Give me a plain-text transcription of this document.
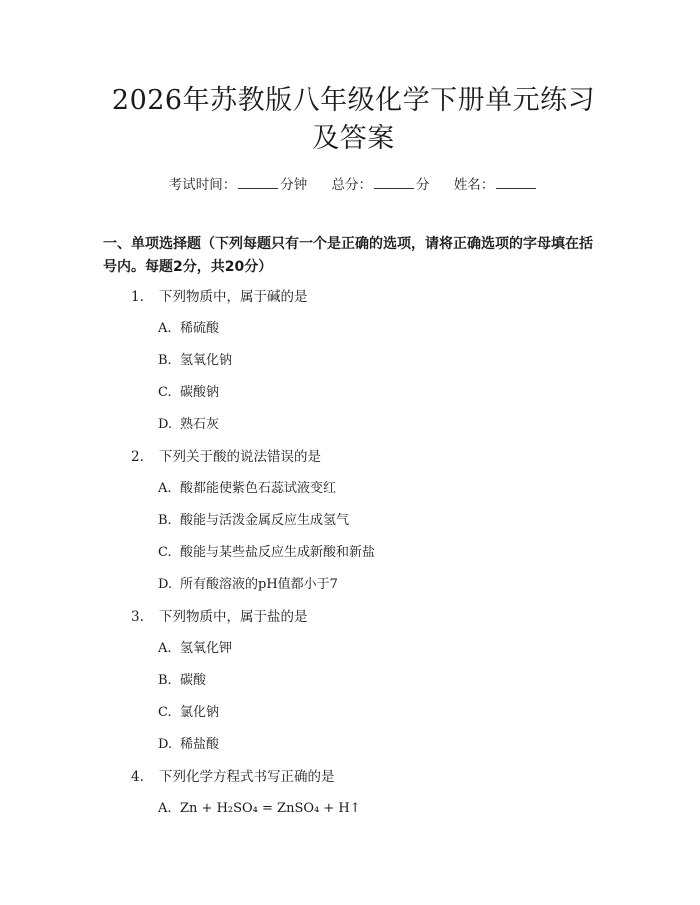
2026年苏教版八年级化学下册单元练习及答案
考试时间：	分钟 总分：	分 姓名：
一、单项选择题（下列每题只有一个是正确的选项，请将正确选项的字母填在括号内。每题2分，共20分）
1. 下列物质中，属于碱的是
A. 稀硫酸
B. 氢氧化钠
C. 碳酸钠
D. 熟石灰
2. 下列关于酸的说法错误的是
A. 酸都能使紫色石蕊试液变红
B. 酸能与活泼金属反应生成氢气
C. 酸能与某些盐反应生成新酸和新盐
D. 所有酸溶液的pH值都小于7
3. 下列物质中，属于盐的是
A. 氢氧化钾
B. 碳酸
C. 氯化钠
D. 稀盐酸
4. 下列化学方程式书写正确的是
A. Zn + H₂SO₄ = ZnSO₄ + H↑
